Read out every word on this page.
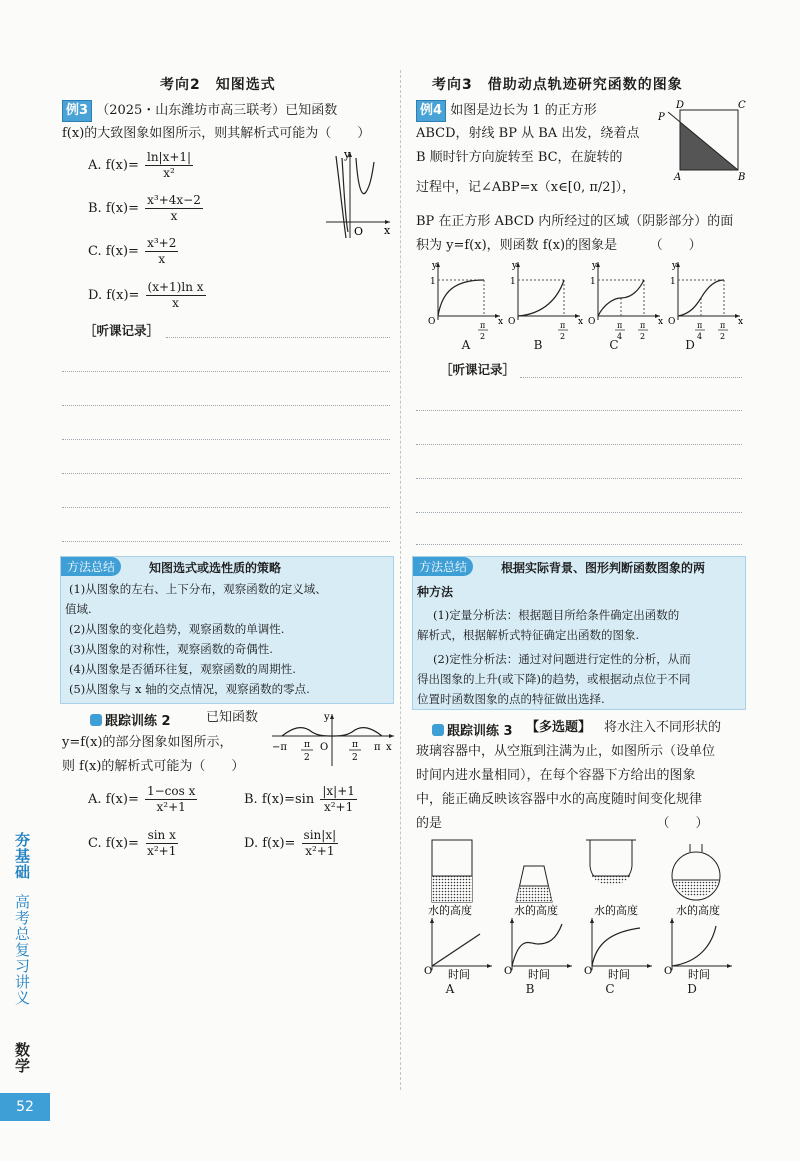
考向2　知图选式
例3 （2025・山东潍坊市高三联考）已知函数
f(x)的大致图象如图所示，则其解析式可能为（　　）
A. $f(x)= \frac{\ln|x+1|}{\text{x²}}$
B. $f(x)= \frac{\text{x³+4x−2}}{x}$
C. $f(x)= \frac{\text{x³+2}}{x}$
D. $f(x)= \frac{\text{(x+1)ln x}}{x}$
y
O x
［听课记录］
方法总结	知图选式或选性质的策略
(1)从图象的左右、上下分布，观察函数的定义域、
值域.
(2)从图象的变化趋势，观察函数的单调性.
(3)从图象的对称性，观察函数的奇偶性.
(4)从图象是否循环往复，观察函数的周期性.
(5)从图象与 x 轴的交点情况，观察函数的零点.
跟踪训练 2	已知函数
y=f(x)的部分图象如图所示，
则 f(x)的解析式可能为（　　）
y
O	x
−π π
2
π
2
π
A. $f(x)= \frac{\text{1−cos x}}{\text{x²+1}}$	B. $f(x)=\sin \frac{|x|+1}{\text{x²+1}}$
C. $f(x)= \frac{\text{sin x}}{\text{x²+1}}$	D. $f(x)= \frac{\sin|x|}{\text{x²+1}}$
考向3　借助动点轨迹研究函数的图象
例4 如图是边长为 1 的正方形
ABCD，射线 BP 从 BA 出发，绕着点
B 顺时针方向旋转至 BC，在旋转的
过程中，记∠ABP=x（x∈[0, π/2]），
BP 在正方形 ABCD 内所经过的区域（阴影部分）的面
积为 y=f(x)，则函数 f(x)的图象是　　　（　　）
D	C
P
A	B
y
1
O	x
π
2
y
1
O	x
π
2
y
1
O	x
π
4
π
2
y
1
O	x
π
4
π
2
A	B	C	D
［听课记录］
方法总结	根据实际背景、图形判断函数图象的两
种方法
(1)定量分析法：根据题目所给条件确定出函数的
解析式，根据解析式特征确定出函数的图象.
(2)定性分析法：通过对问题进行定性的分析，从而
得出图象的上升(或下降)的趋势，或根据动点位于不同
位置时函数图象的点的特征做出选择.
跟踪训练 3 【多选题】 将水注入不同形状的
玻璃容器中，从空瓶到注满为止，如图所示（设单位
时间内进水量相同），在每个容器下方给出的图象
中，能正确反映该容器中水的高度随时间变化规律
的是　　　　　　　　　　　　　　　　　（　　）
O
水的高度
时间	O
水的高度
时间	O
水的高度
时间	O
水的高度
时间
A	B	C	D
夯基础
高考总复习讲义
数学
52
